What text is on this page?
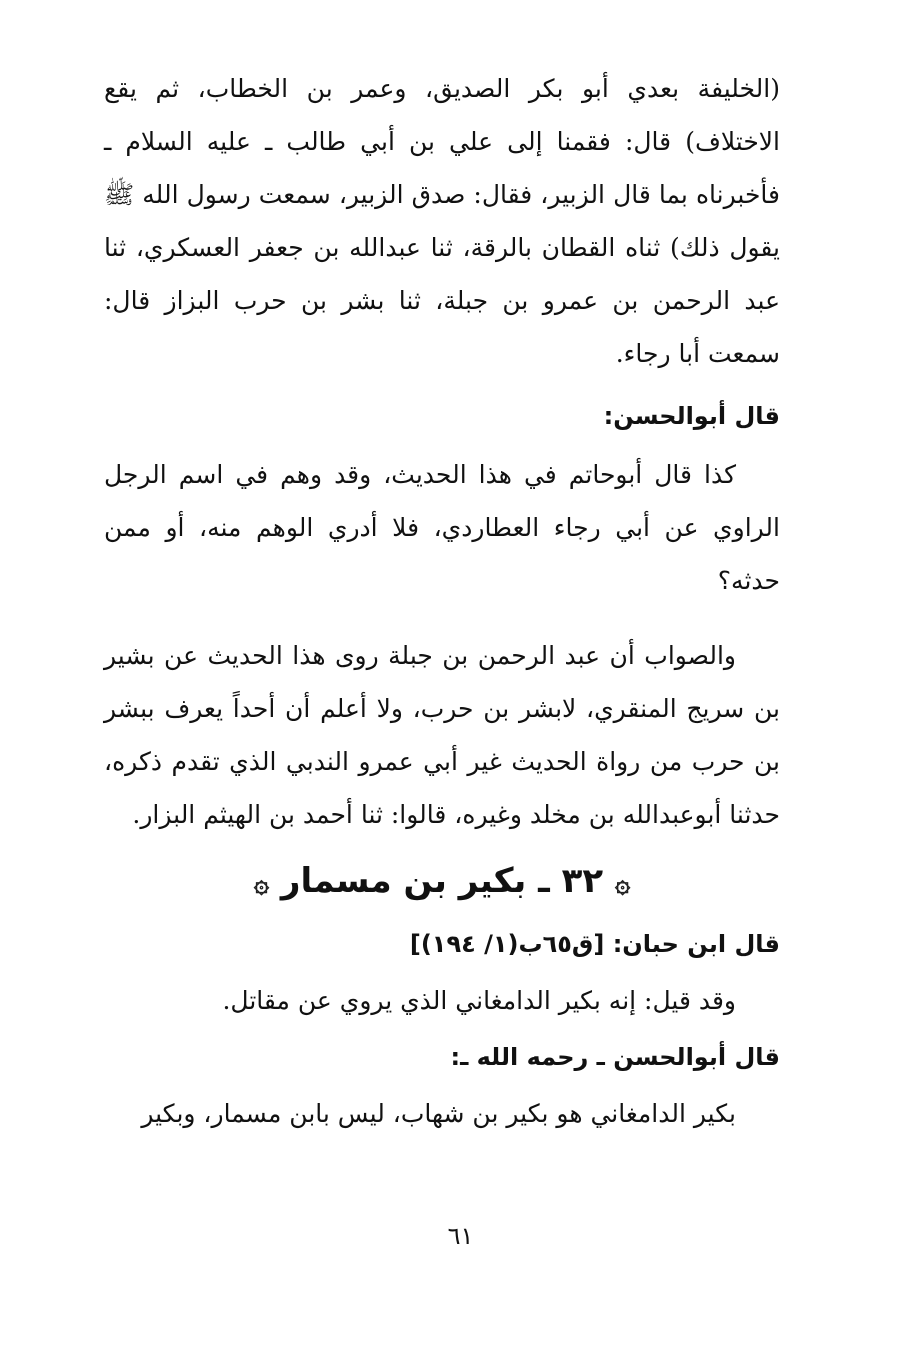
(الخليفة بعدي أبو بكر الصديق، وعمر بن الخطاب، ثم يقع الاختلاف) قال: فقمنا إلى علي بن أبي طالب ـ عليه السلام ـ فأخبرناه بما قال الزبير، فقال: صدق الزبير، سمعت رسول الله ﷺ يقول ذلك) ثناه القطان بالرقة، ثنا عبدالله بن جعفر العسكري، ثنا عبد الرحمن بن عمرو بن جبلة، ثنا بشر بن حرب البزاز قال: سمعت أبا رجاء.

قال أبوالحسن:

كذا قال أبوحاتم في هذا الحديث، وقد وهم في اسم الرجل الراوي عن أبي رجاء العطاردي، فلا أدري الوهم منه، أو ممن حدثه؟

والصواب أن عبد الرحمن بن جبلة روى هذا الحديث عن بشير بن سريج المنقري، لابشر بن حرب، ولا أعلم أن أحداً يعرف ببشر بن حرب من رواة الحديث غير أبي عمرو الندبي الذي تقدم ذكره، حدثنا أبوعبدالله بن مخلد وغيره، قالوا: ثنا أحمد بن الهيثم البزار.

۞ ٣٢ ـ بكير بن مسمار ۞

قال ابن حبان: [ق٦٥ب(١/ ١٩٤)]

وقد قيل: إنه بكير الدامغاني الذي يروي عن مقاتل.

قال أبوالحسن ـ رحمه الله ـ:

بكير الدامغاني هو بكير بن شهاب، ليس بابن مسمار، وبكير

٦١
